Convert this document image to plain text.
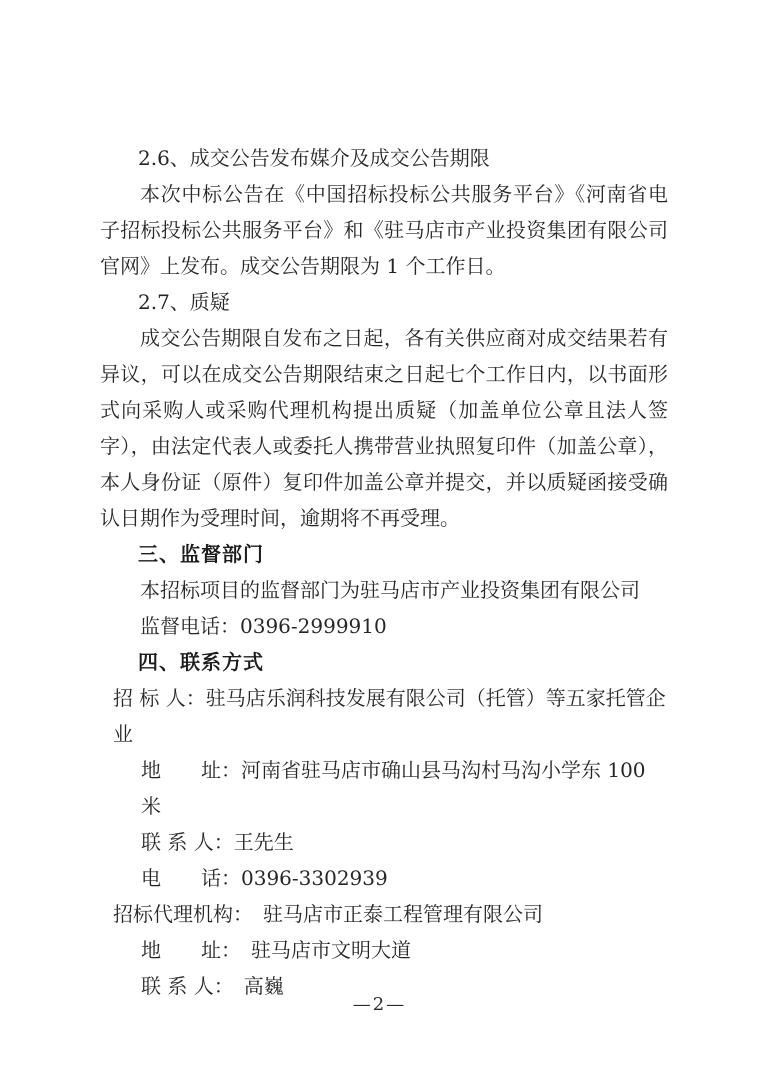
2.6、成交公告发布媒介及成交公告期限
本次中标公告在《中国招标投标公共服务平台》《河南省电子招标投标公共服务平台》和《驻马店市产业投资集团有限公司官网》上发布。成交公告期限为 1 个工作日。
2.7、质疑
成交公告期限自发布之日起，各有关供应商对成交结果若有异议，可以在成交公告期限结束之日起七个工作日内，以书面形式向采购人或采购代理机构提出质疑（加盖单位公章且法人签字），由法定代表人或委托人携带营业执照复印件（加盖公章），本人身份证（原件）复印件加盖公章并提交，并以质疑函接受确认日期作为受理时间，逾期将不再受理。
三、监督部门
本招标项目的监督部门为驻马店市产业投资集团有限公司
监督电话：0396-2999910
四、联系方式
招 标 人：驻马店乐润科技发展有限公司（托管）等五家托管企业
地　　址：河南省驻马店市确山县马沟村马沟小学东 100 米
联 系 人：王先生
电　　话：0396-3302939
招标代理机构：　驻马店市正泰工程管理有限公司
地　　址：　驻马店市文明大道
联 系 人：　高巍
—2—
